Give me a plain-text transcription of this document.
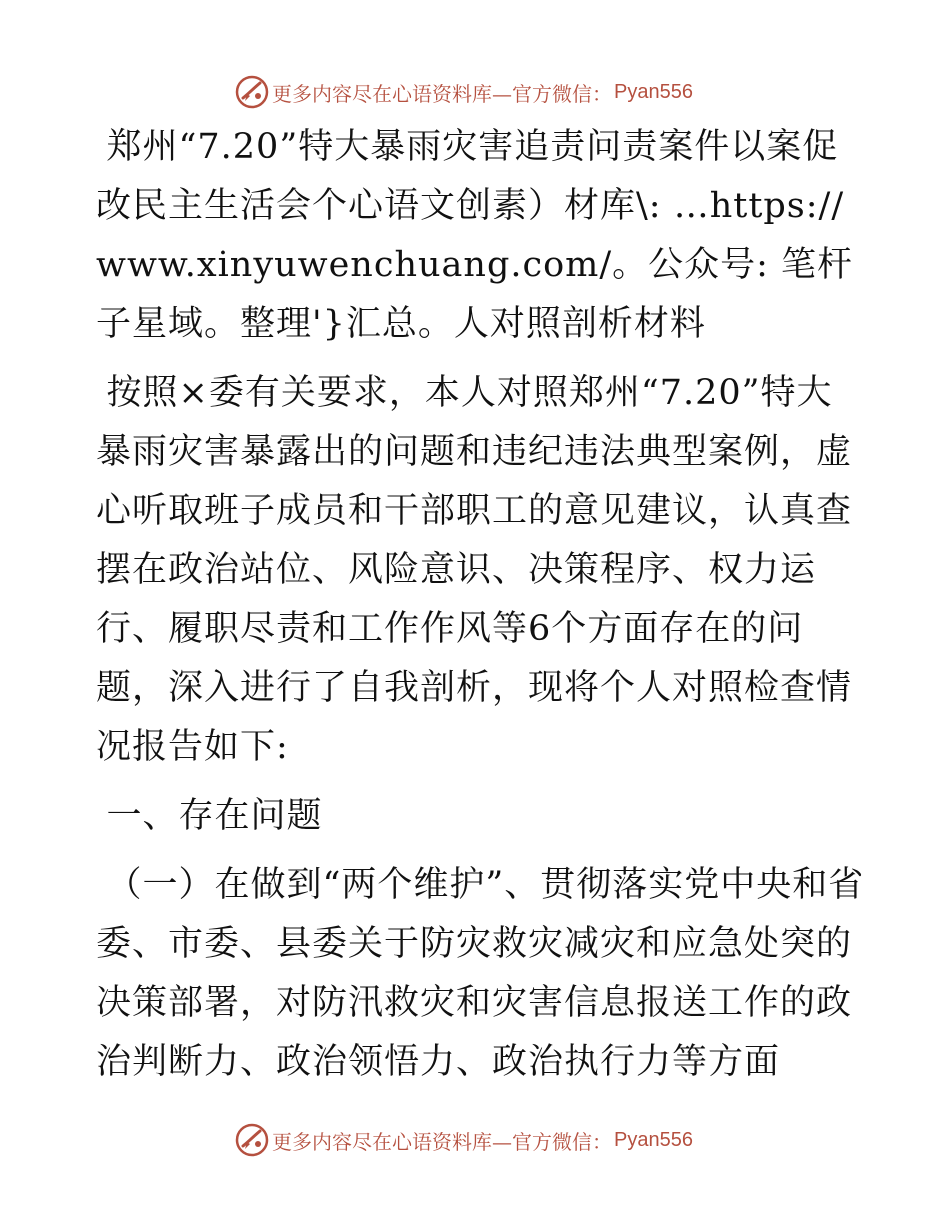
更多内容尽在心语资料库—官方微信： Pyan556

郑州“7.20”特大暴雨灾害追责问责案件以案促改民主生活会个心语文创素）材库\: …https://www.xinyuwenchuang.com/。公众号: 笔杆子星域。整理'}汇总。人对照剖析材料

按照×委有关要求，本人对照郑州“7.20”特大暴雨灾害暴露出的问题和违纪违法典型案例，虚心听取班子成员和干部职工的意见建议，认真查摆在政治站位、风险意识、决策程序、权力运行、履职尽责和工作作风等6个方面存在的问题，深入进行了自我剖析，现将个人对照检查情况报告如下:

一、存在问题

（一）在做到“两个维护”、贯彻落实党中央和省委、市委、县委关于防灾救灾减灾和应急处突的决策部署，对防汛救灾和灾害信息报送工作的政治判断力、政治领悟力、政治执行力等方面

更多内容尽在心语资料库—官方微信： Pyan556
